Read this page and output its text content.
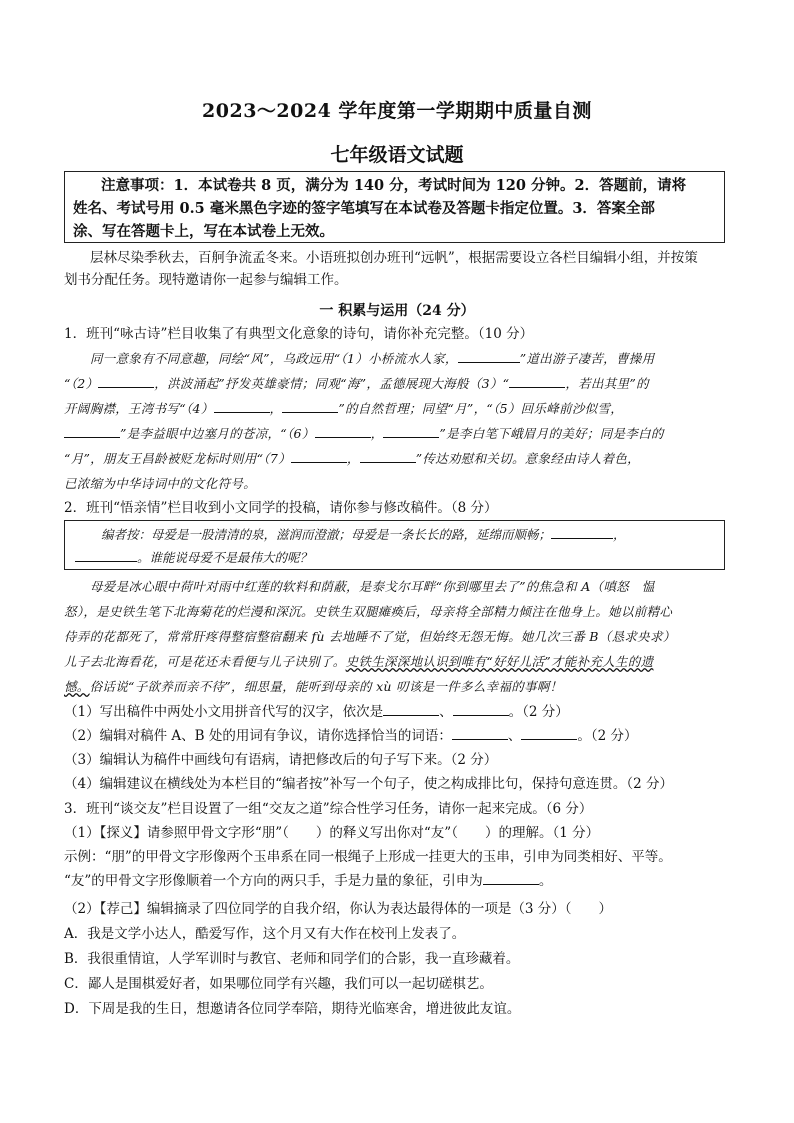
2023～2024 学年度第一学期期中质量自测
七年级语文试题
注意事项：1．本试卷共 8 页，满分为 140 分，考试时间为 120 分钟。2．答题前，请将
姓名、考试号用 0.5 毫米黑色字迹的签字笔填写在本试卷及答题卡指定位置。3．答案全部
涂、写在答题卡上，写在本试卷上无效。
层林尽染季秋去，百舸争流孟冬来。小语班拟创办班刊“远帆”，根据需要设立各栏目编辑小组，并按策
划书分配任务。现特邀请你一起参与编辑工作。
一 积累与运用（24 分）
1．班刊“咏古诗”栏目收集了有典型文化意象的诗句，请你补充完整。（10 分）
同一意象有不同意趣，同绘“风”，乌政远用“（1）小桥流水人家，	”道出游子凄苦，曹操用
“（2）	，洪波涌起”抒发英雄豪情；同观“海”，孟德展现大海般（3）“	，若出其里”的
开阔胸襟，王湾书写“（4）	，	”的自然哲理；同望“月”，“（5）回乐峰前沙似雪，
”是李益眼中边塞月的苍凉，“（6）	，	”是李白笔下峨眉月的美好；同是李白的
“月”，朋友王昌龄被贬龙标时则用“（7）	，	”传达劝慰和关切。意象经由诗人着色，
已浓缩为中华诗词中的文化符号。
2．班刊“悟亲情”栏目收到小文同学的投稿，请你参与修改稿件。（8 分）
编者按：母爱是一股清清的泉，滋润而澄澈；母爱是一条长长的路，延绵而顺畅；	，
。谁能说母爱不是最伟大的呢？
母爱是冰心眼中荷叶对雨中红莲的软料和荫蔽，是泰戈尔耳畔“你到哪里去了”的焦急和 A（嗔怒　愠
怒），是史铁生笔下北海菊花的烂漫和深沉。史铁生双腿瘫痪后，母亲将全部精力倾注在他身上。她以前精心
侍弄的花都死了，常常肝疼得整宿整宿翻来 fù 去地睡不了觉，但始终无怨无悔。她几次三番 B（恳求央求）
儿子去北海看花，可是花还未看便与儿子诀别了。史铁生深深地认识到唯有“好好儿活”才能补充人生的遗
憾。俗话说“子欲养而亲不待”，细思量，能听到母亲的 xù 叨该是一件多么幸福的事啊！
（1）写出稿件中两处小文用拼音代写的汉字，依次是	、	。（2 分）
（2）编辑对稿件 A、B 处的用词有争议，请你选择恰当的词语：	、	。（2 分）
（3）编辑认为稿件中画线句有语病，请把修改后的句子写下来。（2 分）
（4）编辑建议在横线处为本栏目的“编者按”补写一个句子，使之构成排比句，保持句意连贯。（2 分）
3．班刊“谈交友”栏目设置了一组“交友之道”综合性学习任务，请你一起来完成。（6 分）
（1）【探义】请参照甲骨文字形“朋”（　　）的释义写出你对“友”（　　）的理解。（1 分）
示例：“朋”的甲骨文字形像两个玉串系在同一根绳子上形成一挂更大的玉串，引申为同类相好、平等。
“友”的甲骨文字形像顺着一个方向的两只手，手是力量的象征，引申为	。
（2）【荐己】编辑摘录了四位同学的自我介绍，你认为表达最得体的一项是（3 分）（　　）
A．我是文学小达人，酷爱写作，这个月又有大作在校刊上发表了。
B．我很重情谊，人学军训时与教官、老师和同学们的合影，我一直珍藏着。
C．鄙人是围棋爱好者，如果哪位同学有兴趣，我们可以一起切磋棋艺。
D．下周是我的生日，想邀请各位同学奉陪，期待光临寒舍，增进彼此友谊。
